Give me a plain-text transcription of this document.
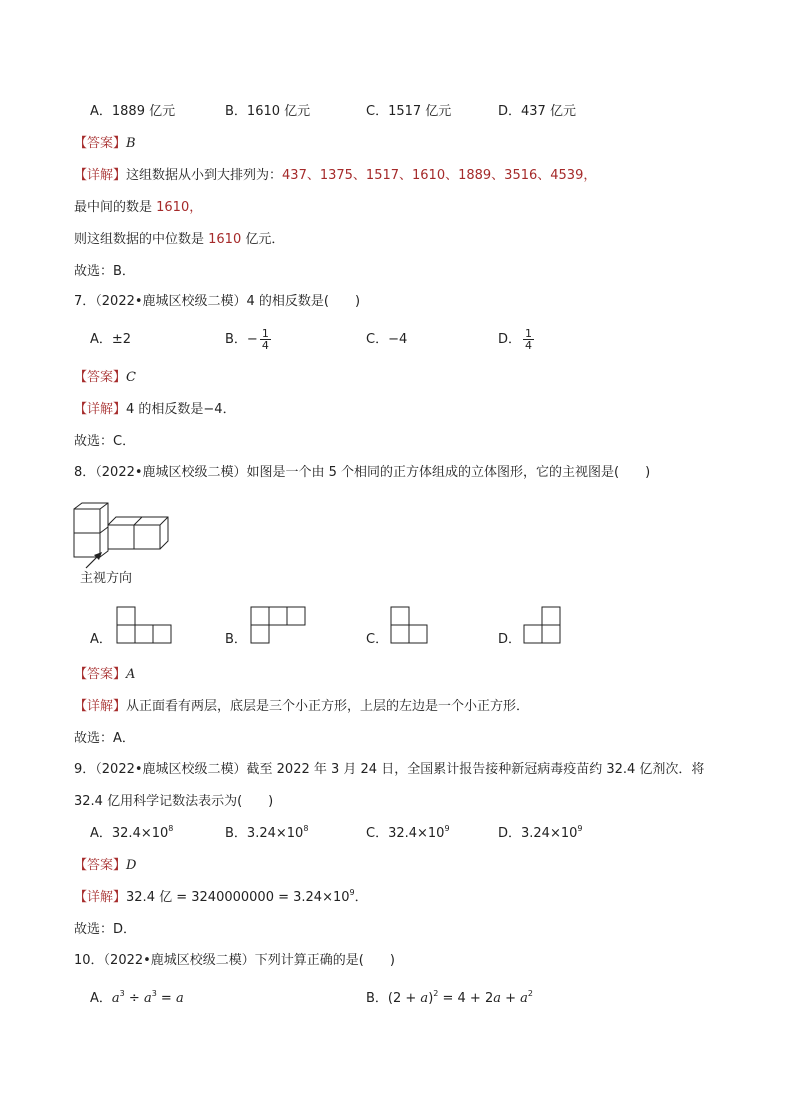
A．1889 亿元	B．1610 亿元	C．1517 亿元	D．437 亿元
【答案】B
【详解】这组数据从小到大排列为：437、1375、1517、1610、1889、3516、4539，
最中间的数是 1610，
则这组数据的中位数是 1610 亿元．
故选：B．
7．（2022•鹿城区校级二模）4 的相反数是(　　)
A．±2	B．− $\frac{1}{4}$	C．−4	D． $\frac{1}{4}$
【答案】C
【详解】4 的相反数是−4．
故选：C．
8．（2022•鹿城区校级二模）如图是一个由 5 个相同的正方体组成的立体图形，它的主视图是(　　)
主视方向
A．	B．	C．	D．
【答案】A
【详解】从正面看有两层，底层是三个小正方形，上层的左边是一个小正方形．
故选：A．
9．（2022•鹿城区校级二模）截至 2022 年 3 月 24 日，全国累计报告接种新冠病毒疫苗约 32.4 亿剂次．将
32.4 亿用科学记数法表示为(　　)
A．$32.4\times 10^8$	B．$3.24\times 10^8$	C．$32.4\times 10^9$	D．$3.24\times 10^9$
【答案】D
【详解】32.4 亿 = $3240000000 = 3.24\times 10^9$．
故选：D．
10．（2022•鹿城区校级二模）下列计算正确的是(　　)
A．$a^3 \div a^3 = a$	B．$(2 + a)^2 = 4 + 2a + a^2$
